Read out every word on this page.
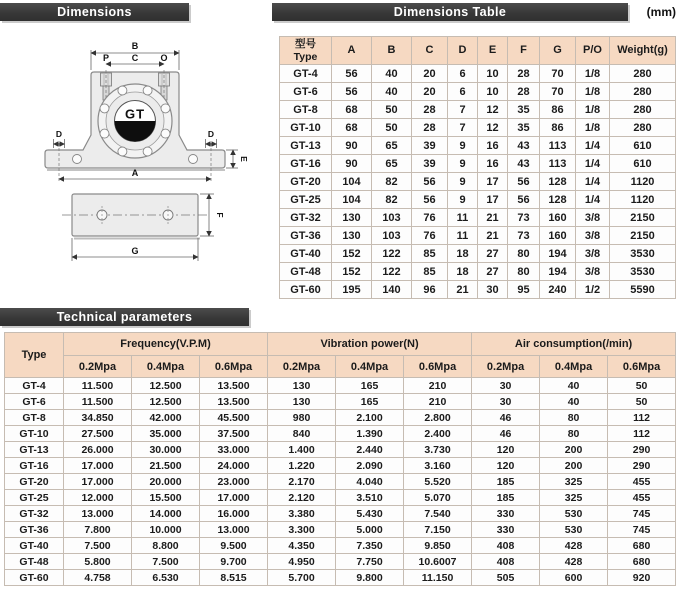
Dimensions	Dimensions Table	(mm)
Technical parameters
GT
B
P	C O
D	D
E
A
F
G
型号
Type	A	B	C	D	E	F	G	P/O	Weight(g)
GT-4	56	40	20	6	10	28	70	1/8	280
GT-6	56	40	20	6	10	28	70	1/8	280
GT-8	68	50	28	7	12	35	86	1/8	280
GT-10	68	50	28	7	12	35	86	1/8	280
GT-13	90	65	39	9	16	43	113	1/4	610
GT-16	90	65	39	9	16	43	113	1/4	610
GT-20	104	82	56	9	17	56	128	1/4	1120
GT-25	104	82	56	9	17	56	128	1/4	1120
GT-32	130	103	76	11	21	73	160	3/8	2150
GT-36	130	103	76	11	21	73	160	3/8	2150
GT-40	152	122	85	18	27	80	194	3/8	3530
GT-48	152	122	85	18	27	80	194	3/8	3530
GT-60	195	140	96	21	30	95	240	1/2	5590
Type	Frequency(V.P.M)			Vibration power(N)			Air consumption(/min)		
	0.2Mpa	0.4Mpa	0.6Mpa	0.2Mpa	0.4Mpa	0.6Mpa	0.2Mpa	0.4Mpa	0.6Mpa
GT-4	11.500	12.500	13.500	130	165	210	30	40	50
GT-6	11.500	12.500	13.500	130	165	210	30	40	50
GT-8	34.850	42.000	45.500	980	2.100	2.800	46	80	112
GT-10	27.500	35.000	37.500	840	1.390	2.400	46	80	112
GT-13	26.000	30.000	33.000	1.400	2.440	3.730	120	200	290
GT-16	17.000	21.500	24.000	1.220	2.090	3.160	120	200	290
GT-20	17.000	20.000	23.000	2.170	4.040	5.520	185	325	455
GT-25	12.000	15.500	17.000	2.120	3.510	5.070	185	325	455
GT-32	13.000	14.000	16.000	3.380	5.430	7.540	330	530	745
GT-36	7.800	10.000	13.000	3.300	5.000	7.150	330	530	745
GT-40	7.500	8.800	9.500	4.350	7.350	9.850	408	428	680
GT-48	5.800	7.500	9.700	4.950	7.750	10.6007	408	428	680
GT-60	4.758	6.530	8.515	5.700	9.800	11.150	505	600	920
